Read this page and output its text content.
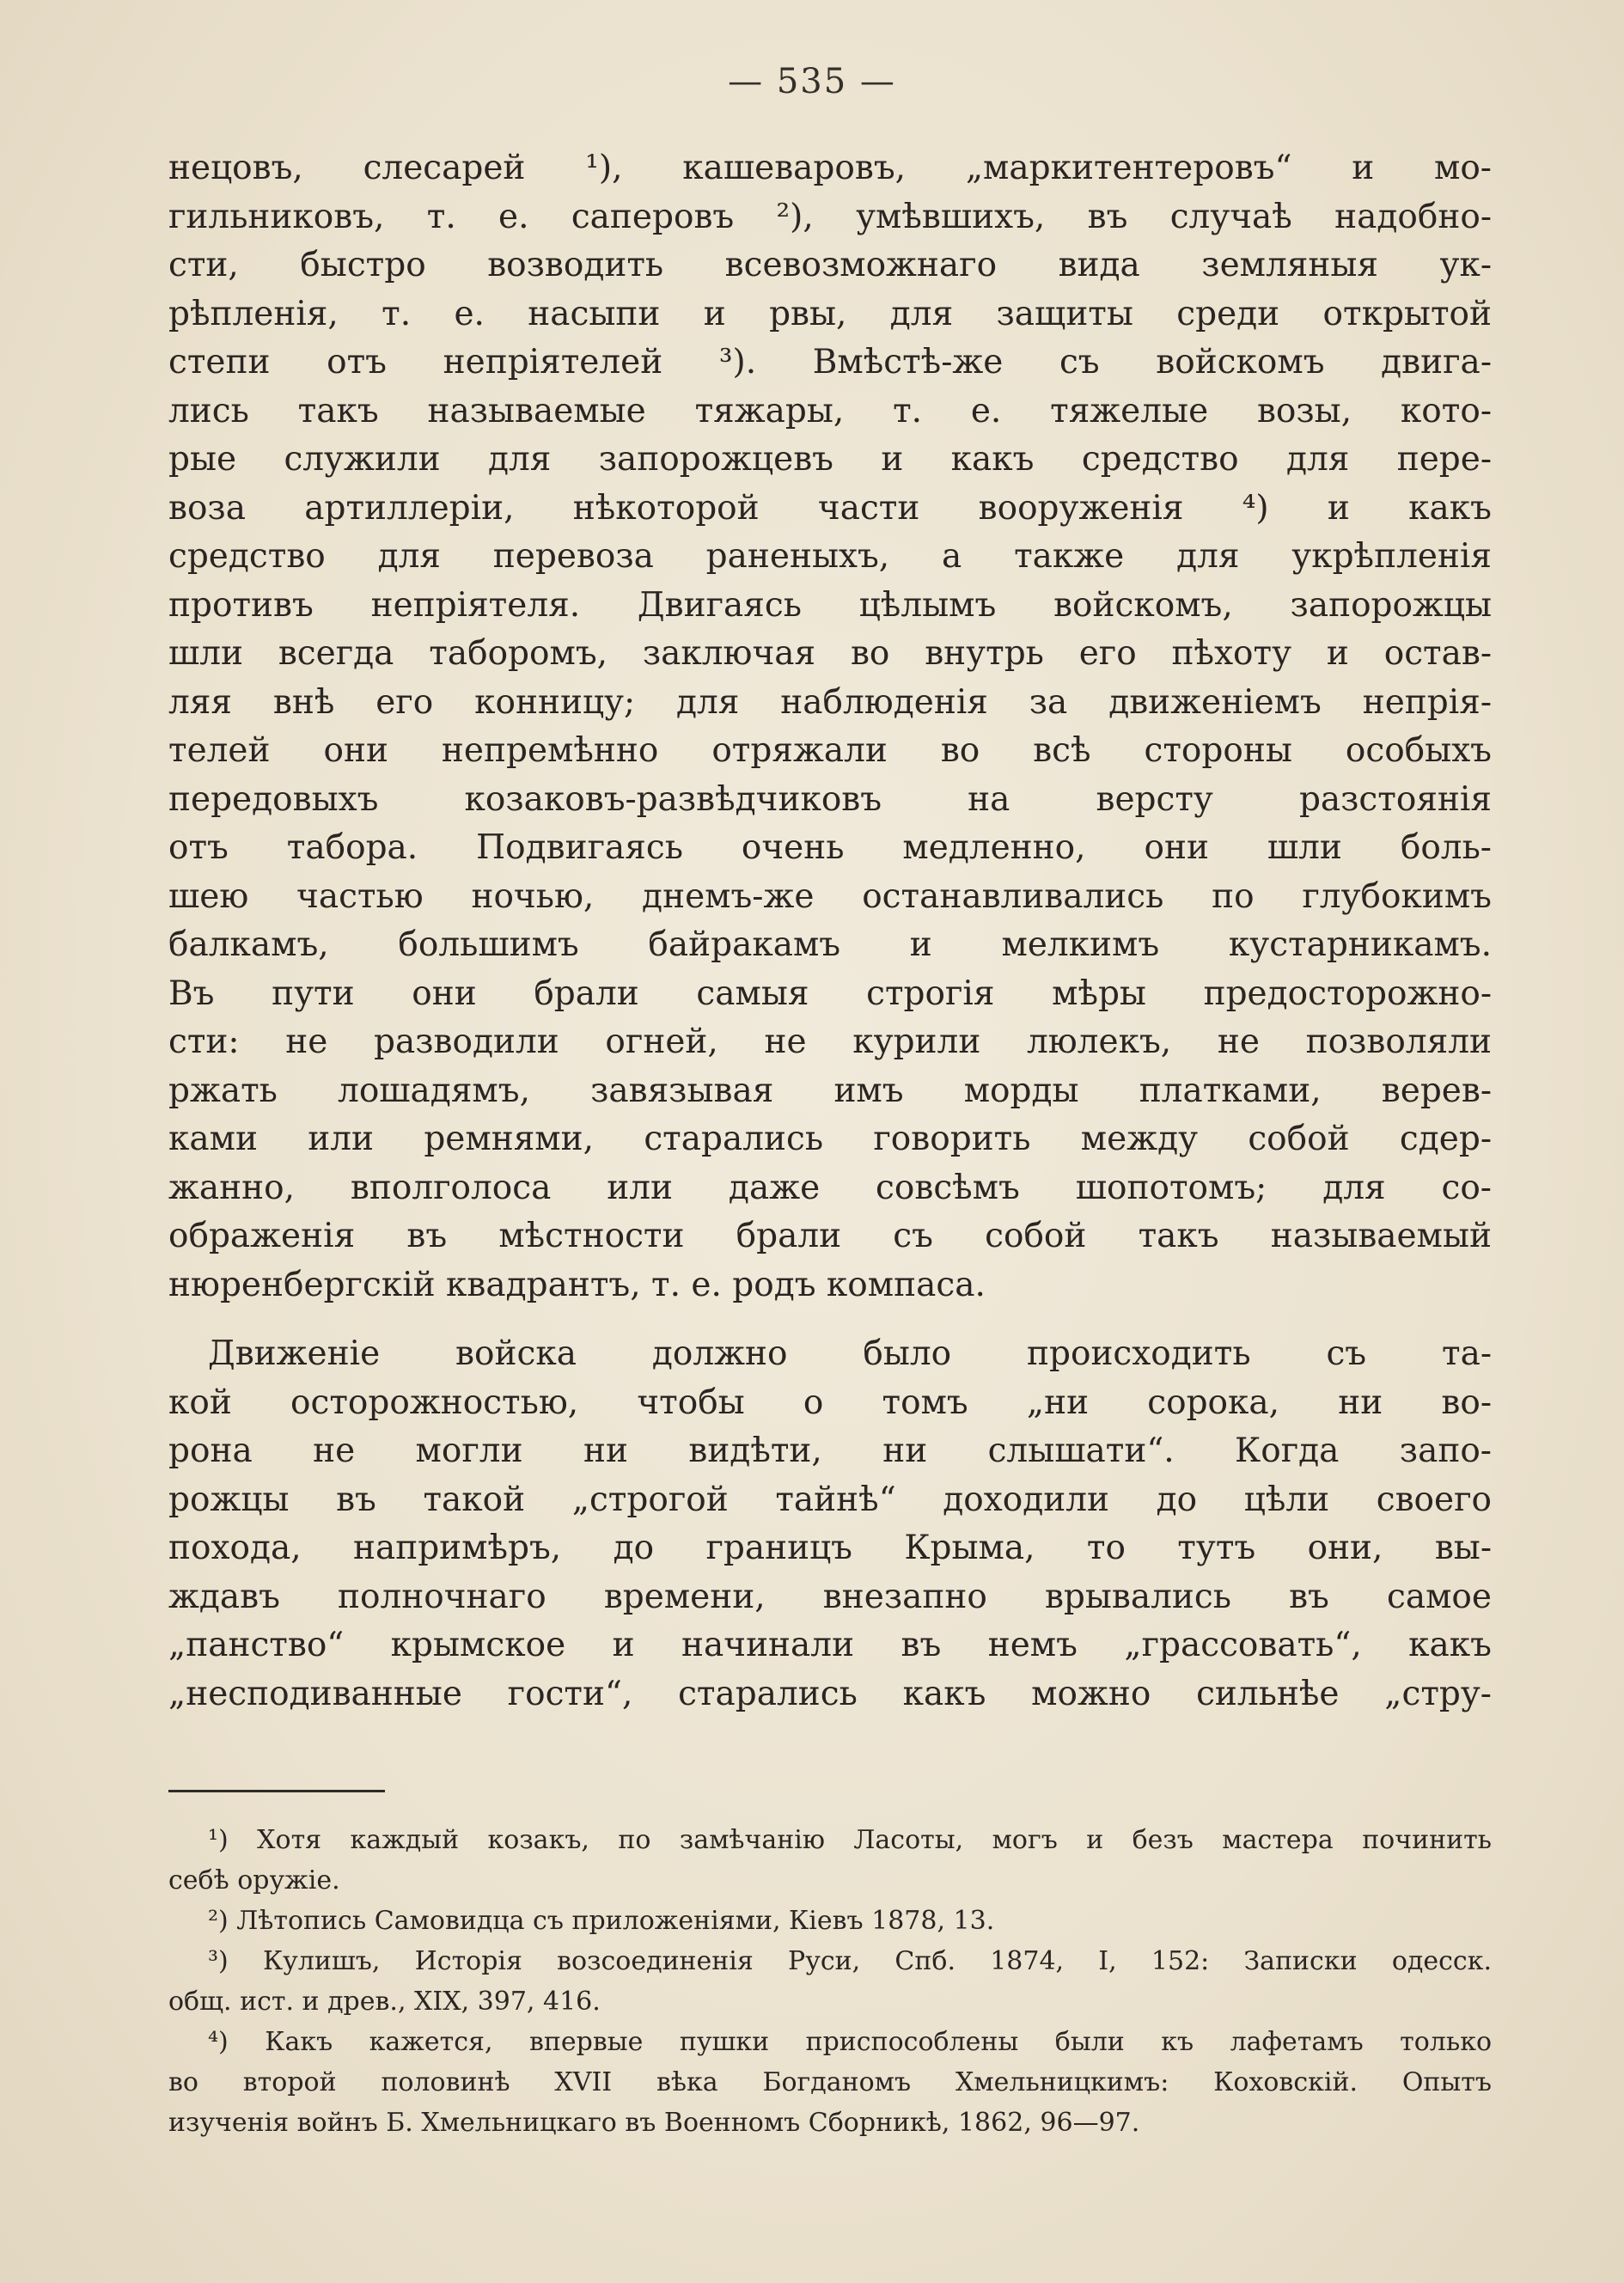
— 535 —
нецовъ, слесарей ¹), кашеваровъ, „маркитентеровъ“ и мо-
гильниковъ, т. е. саперовъ ²), умѣвшихъ, въ случаѣ надобно-
сти, быстро возводить всевозможнаго вида земляныя ук-
рѣпленія, т. е. насыпи и рвы, для защиты среди открытой
степи отъ непріятелей ³). Вмѣстѣ-же съ войскомъ двига-
лись такъ называемые тяжары, т. е. тяжелые возы, кото-
рые служили для запорожцевъ и какъ средство для пере-
воза артиллеріи, нѣкоторой части вооруженія ⁴) и какъ
средство для перевоза раненыхъ, а также для укрѣпленія
противъ непріятеля. Двигаясь цѣлымъ войскомъ, запорожцы
шли всегда таборомъ, заключая во внутрь его пѣхоту и остав-
ляя внѣ его конницу; для наблюденія за движеніемъ непрія-
телей они непремѣнно отряжали во всѣ стороны особыхъ
передовыхъ козаковъ-развѣдчиковъ на версту разстоянія
отъ табора. Подвигаясь очень медленно, они шли боль-
шею частью ночью, днемъ-же останавливались по глубокимъ
балкамъ, большимъ байракамъ и мелкимъ кустарникамъ.
Въ пути они брали самыя строгія мѣры предосторожно-
сти: не разводили огней, не курили люлекъ, не позволяли
ржать лошадямъ, завязывая имъ морды платками, верев-
ками или ремнями, старались говорить между собой сдер-
жанно, вполголоса или даже совсѣмъ шопотомъ; для со-
ображенія въ мѣстности брали съ собой такъ называемый
нюренбергскій квадрантъ, т. е. родъ компаса.
Движеніе войска должно было происходить съ та-
кой осторожностью, чтобы о томъ „ни сорока, ни во-
рона не могли ни видѣти, ни слышати“. Когда запо-
рожцы въ такой „строгой тайнѣ“ доходили до цѣли своего
похода, напримѣръ, до границъ Крыма, то тутъ они, вы-
ждавъ полночнаго времени, внезапно врывались въ самое
„панство“ крымское и начинали въ немъ „грассовать“, какъ
„несподиванные гости“, старались какъ можно сильнѣе „стру-
¹) Хотя каждый козакъ, по замѣчанію Ласоты, могъ и безъ мастера починить
себѣ оружіе.
²) Лѣтопись Самовидца съ приложеніями, Кіевъ 1878, 13.
³) Кулишъ, Исторія возсоединенія Руси, Спб. 1874, I, 152: Записки одесск.
общ. ист. и древ., XIX, 397, 416.
⁴) Какъ кажется, впервые пушки приспособлены были къ лафетамъ только
во второй половинѣ XVII вѣка Богданомъ Хмельницкимъ: Коховскій. Опытъ
изученія войнъ Б. Хмельницкаго въ Военномъ Сборникѣ, 1862, 96—97.
